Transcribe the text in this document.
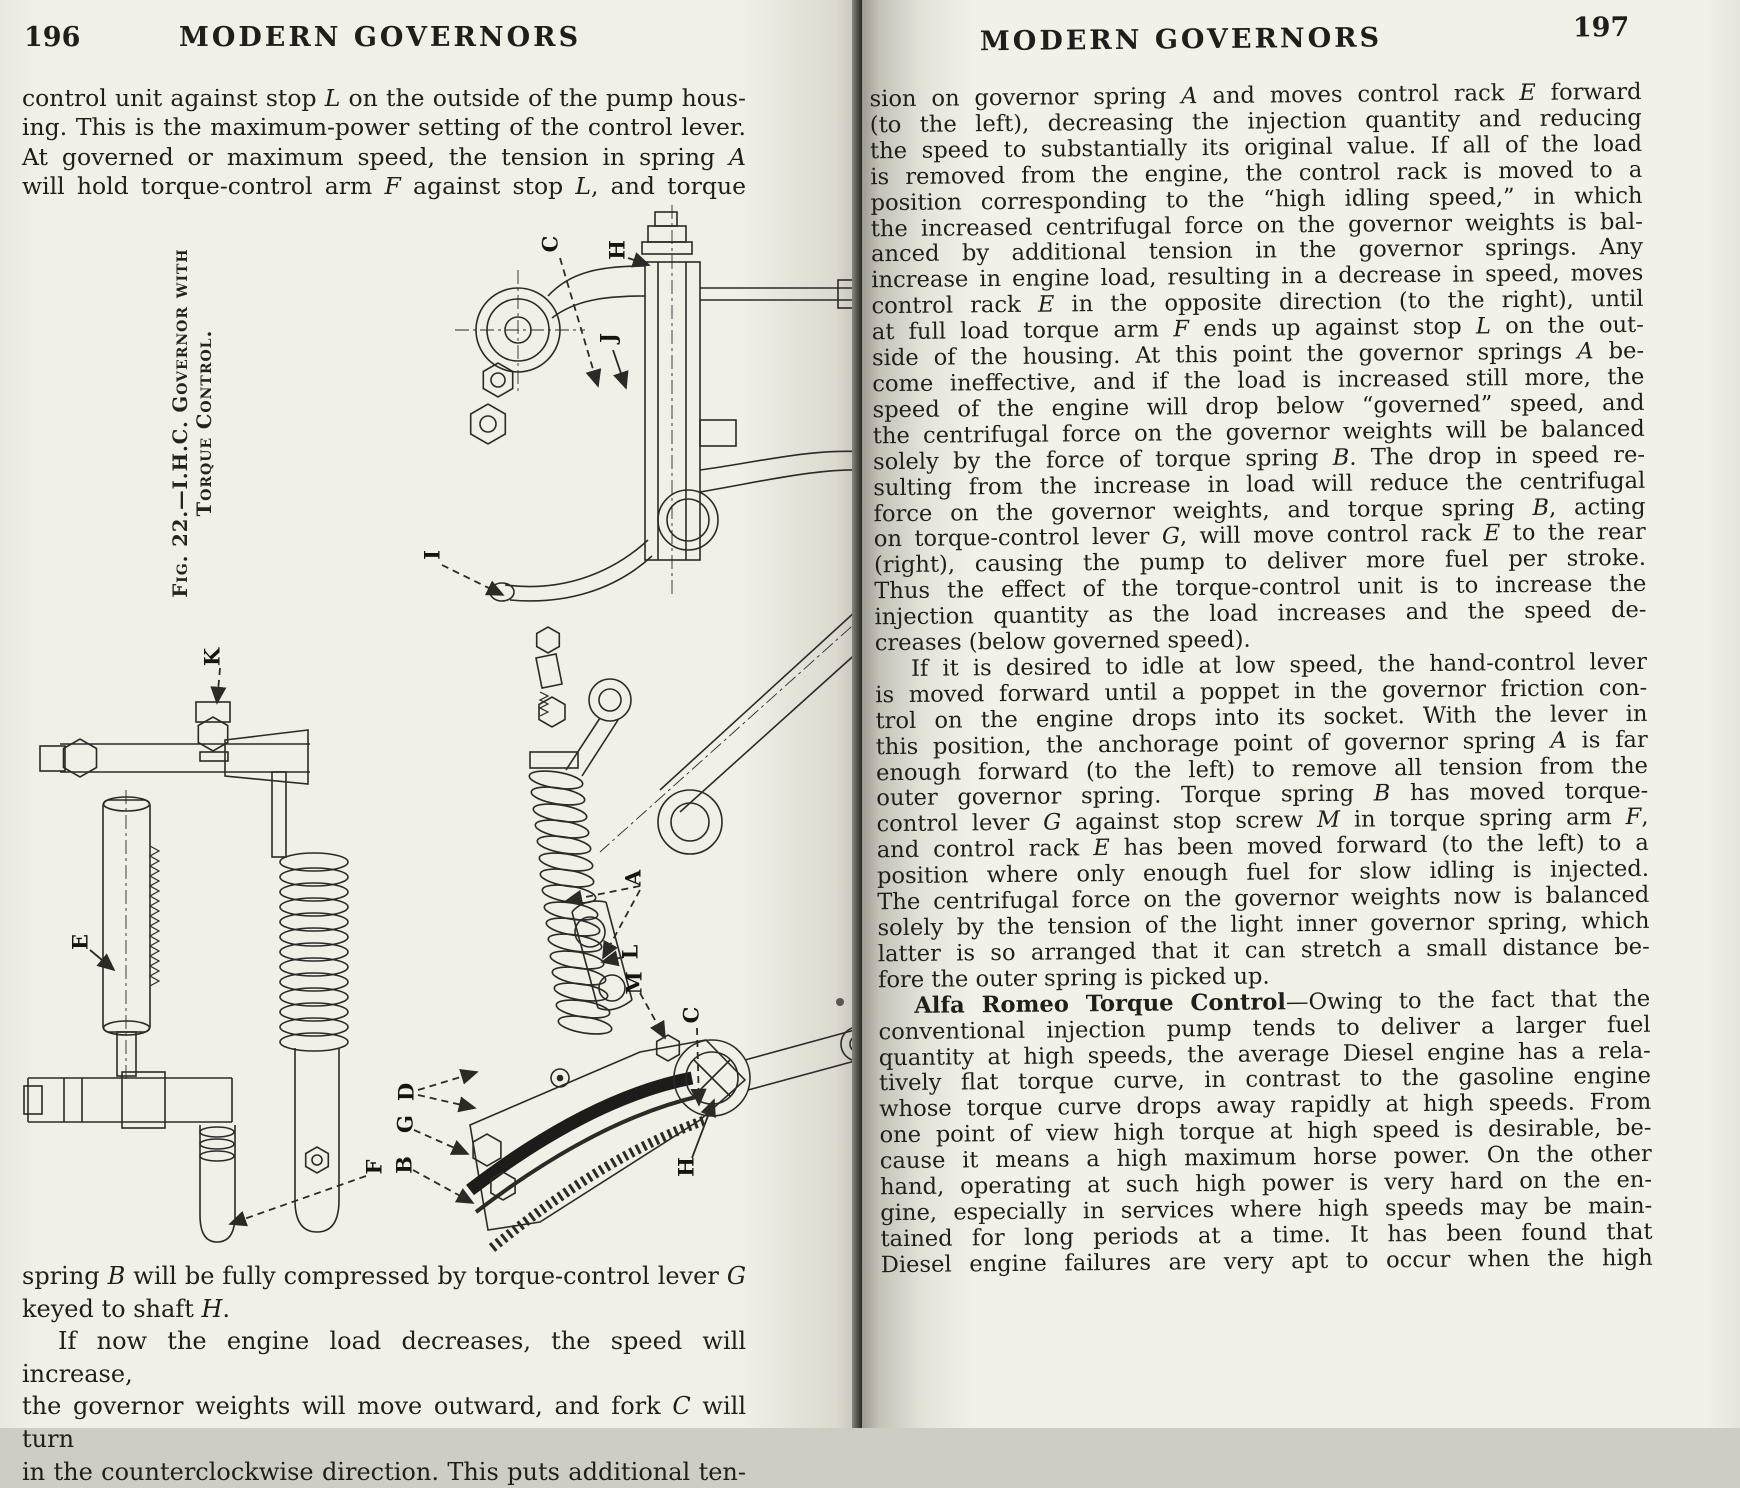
196	MODERN GOVERNORS
control unit against stop L on the outside of the pump hous-
ing. This is the maximum-power setting of the control lever.
At governed or maximum speed, the tension in spring A
will hold torque-control arm F against stop L, and torque
spring B will be fully compressed by torque-control lever G
keyed to shaft H.
If now the engine load decreases, the speed will increase,
the governor weights will move outward, and fork C will turn
in the counterclockwise direction. This puts additional ten-
Fig. 22.—I.H.C. Governor with Torque Control.
C H
J
I
K
E
A
L
M
C
D
G
B
F	H
MODERN GOVERNORS	197
sion on governor spring A and moves control rack E forward
(to the left), decreasing the injection quantity and reducing
the speed to substantially its original value. If all of the load
is removed from the engine, the control rack is moved to a
position corresponding to the “high idling speed,” in which
the increased centrifugal force on the governor weights is bal-
anced by additional tension in the governor springs. Any
increase in engine load, resulting in a decrease in speed, moves
control rack E in the opposite direction (to the right), until
at full load torque arm F ends up against stop L on the out-
side of the housing. At this point the governor springs A be-
come ineffective, and if the load is increased still more, the
speed of the engine will drop below “governed” speed, and
the centrifugal force on the governor weights will be balanced
solely by the force of torque spring B. The drop in speed re-
sulting from the increase in load will reduce the centrifugal
force on the governor weights, and torque spring B, acting
on torque-control lever G, will move control rack E to the rear
(right), causing the pump to deliver more fuel per stroke.
Thus the effect of the torque-control unit is to increase the
injection quantity as the load increases and the speed de-
creases (below governed speed).
If it is desired to idle at low speed, the hand-control lever
is moved forward until a poppet in the governor friction con-
trol on the engine drops into its socket. With the lever in
this position, the anchorage point of governor spring A is far
enough forward (to the left) to remove all tension from the
outer governor spring. Torque spring B has moved torque-
control lever G against stop screw M in torque spring arm F,
and control rack E has been moved forward (to the left) to a
position where only enough fuel for slow idling is injected.
The centrifugal force on the governor weights now is balanced
solely by the tension of the light inner governor spring, which
latter is so arranged that it can stretch a small distance be-
fore the outer spring is picked up.
Alfa Romeo Torque Control—Owing to the fact that the
conventional injection pump tends to deliver a larger fuel
quantity at high speeds, the average Diesel engine has a rela-
tively flat torque curve, in contrast to the gasoline engine
whose torque curve drops away rapidly at high speeds. From
one point of view high torque at high speed is desirable, be-
cause it means a high maximum horse power. On the other
hand, operating at such high power is very hard on the en-
gine, especially in services where high speeds may be main-
tained for long periods at a time. It has been found that
Diesel engine failures are very apt to occur when the high
